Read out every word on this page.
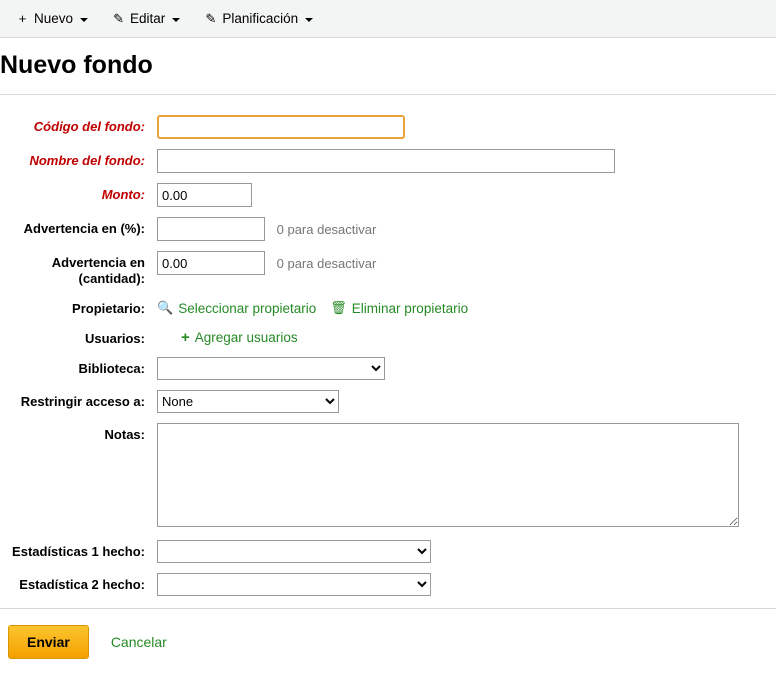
+ Nuevo	✎ Editar	✎ Planificación
Nuevo fondo
Código del fondo:
Nombre del fondo:
Monto:
0.00
Advertencia en (%):	0 para desactivar
Advertencia en (cantidad):
0.00 0 para desactivar
Propietario: 🔍 Seleccionar propietario 🗑 Eliminar propietario
Usuarios:	+ Agregar usuarios
Biblioteca:
Restringir acceso a:
None
Notas:
Estadísticas 1 hecho:
Estadística 2 hecho:
Enviar	Cancelar
